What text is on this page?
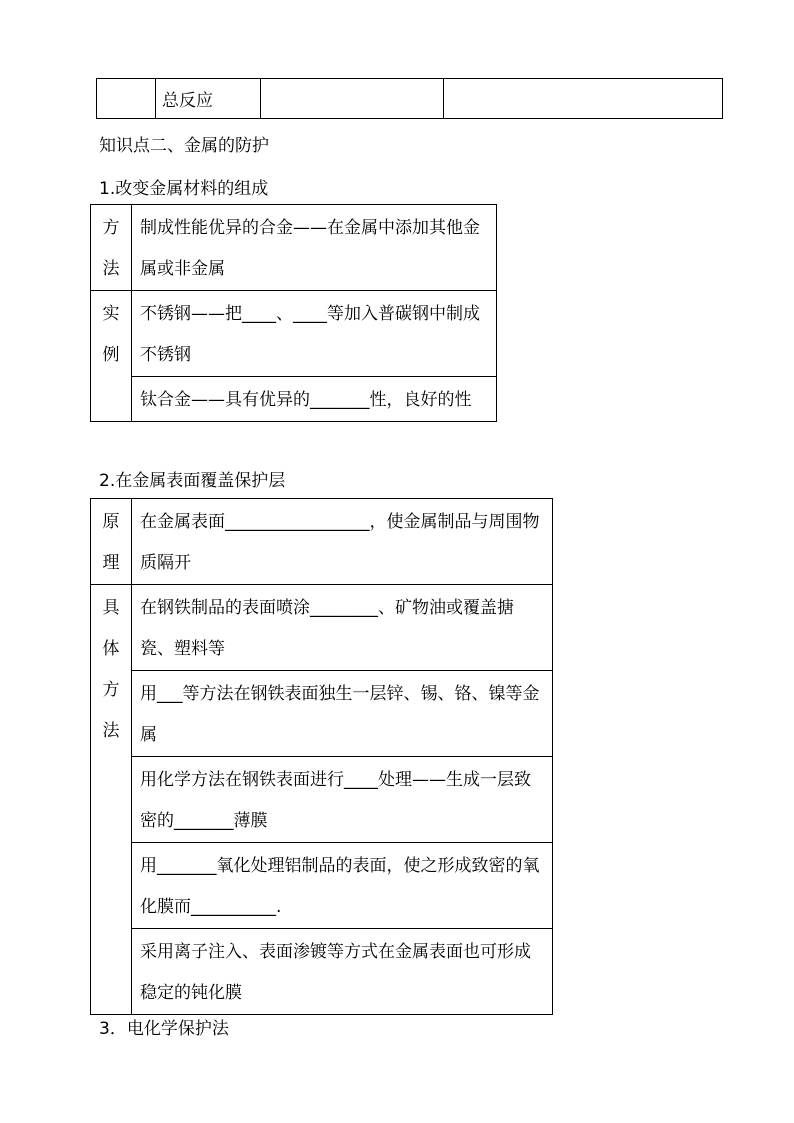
	总反应		

知识点二、金属的防护

1.改变金属材料的组成

方
法	制成性能优异的合金——在金属中添加其他金属或非金属

实
例	不锈钢——把____、____等加入普碳钢中制成不锈钢
	钛合金——具有优异的_______性，良好的性

2.在金属表面覆盖保护层

原
理	在金属表面_________________，使金属制品与周围物质隔开

具
体
方
法	在钢铁制品的表面喷涂________、矿物油或覆盖搪瓷、塑料等
	用___等方法在钢铁表面独生一层锌、锡、铬、镍等金属
	用化学方法在钢铁表面进行____处理——生成一层致密的_______薄膜
	用_______氧化处理铝制品的表面，使之形成致密的氧化膜而__________.
	采用离子注入、表面渗镀等方式在金属表面也可形成稳定的钝化膜

3．电化学保护法
